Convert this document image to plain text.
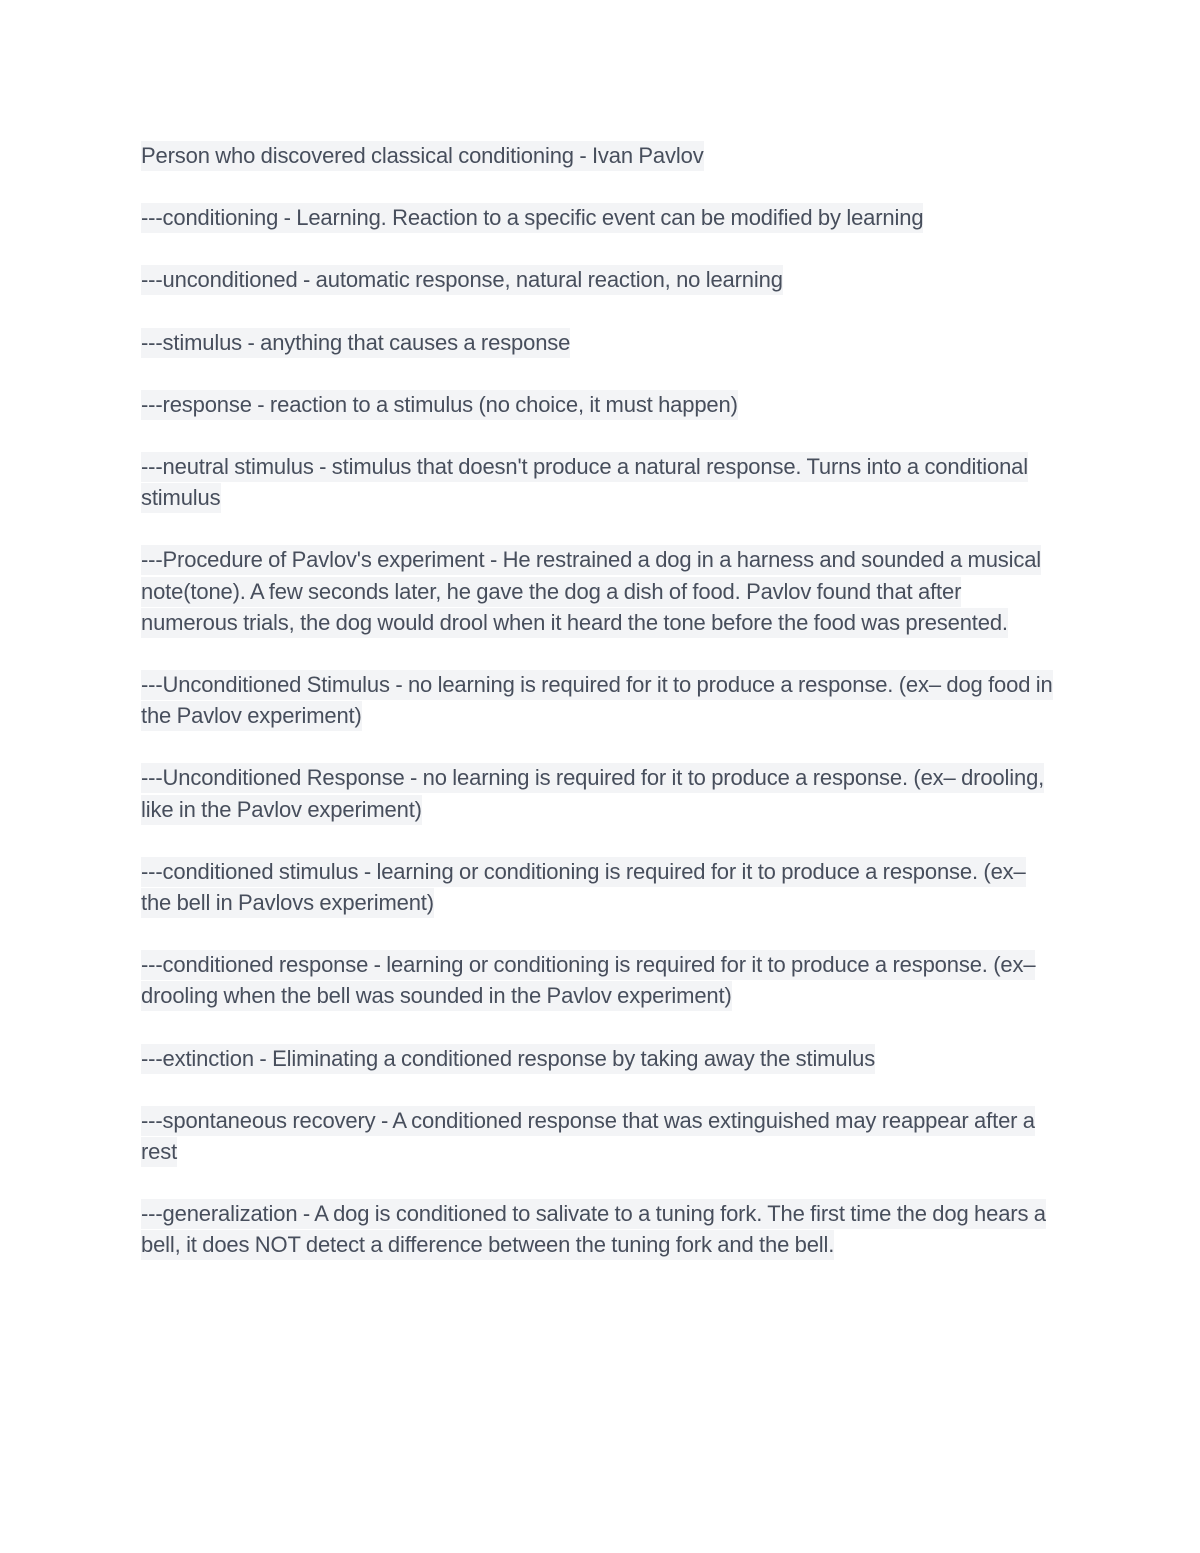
Person who discovered classical conditioning - Ivan Pavlov

---conditioning - Learning. Reaction to a specific event can be modified by learning

---unconditioned - automatic response, natural reaction, no learning

---stimulus - anything that causes a response

---response - reaction to a stimulus (no choice, it must happen)

---neutral stimulus - stimulus that doesn't produce a natural response. Turns into a conditional stimulus

---Procedure of Pavlov's experiment - He restrained a dog in a harness and sounded a musical note(tone). A few seconds later, he gave the dog a dish of food. Pavlov found that after numerous trials, the dog would drool when it heard the tone before the food was presented.

---Unconditioned Stimulus - no learning is required for it to produce a response. (ex– dog food in the Pavlov experiment)

---Unconditioned Response - no learning is required for it to produce a response. (ex– drooling, like in the Pavlov experiment)

---conditioned stimulus - learning or conditioning is required for it to produce a response. (ex– the bell in Pavlovs experiment)

---conditioned response - learning or conditioning is required for it to produce a response. (ex– drooling when the bell was sounded in the Pavlov experiment)

---extinction - Eliminating a conditioned response by taking away the stimulus

---spontaneous recovery - A conditioned response that was extinguished may reappear after a rest

---generalization - A dog is conditioned to salivate to a tuning fork. The first time the dog hears a bell, it does NOT detect a difference between the tuning fork and the bell.
